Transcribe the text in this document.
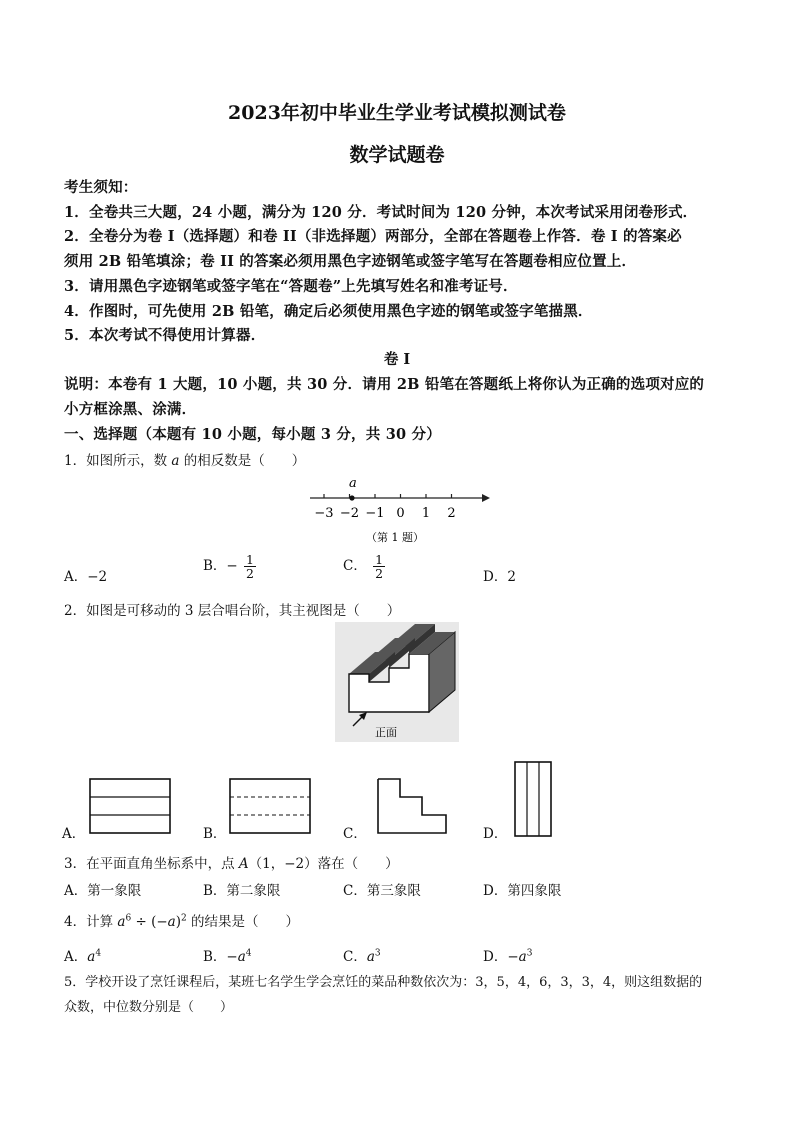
2023年初中毕业生学业考试模拟测试卷
数学试题卷
考生须知：
1．全卷共三大题，24 小题，满分为 120 分．考试时间为 120 分钟，本次考试采用闭卷形式．
2．全卷分为卷 I（选择题）和卷 II（非选择题）两部分，全部在答题卷上作答．卷 I 的答案必
须用 2B 铅笔填涂；卷 II 的答案必须用黑色字迹钢笔或签字笔写在答题卷相应位置上．
3．请用黑色字迹钢笔或签字笔在“答题卷”上先填写姓名和准考证号．
4．作图时，可先使用 2B 铅笔，确定后必须使用黑色字迹的钢笔或签字笔描黑．
5．本次考试不得使用计算器．
卷 I
说明：本卷有 1 大题，10 小题，共 30 分．请用 2B 铅笔在答题纸上将你认为正确的选项对应的
小方框涂黑、涂满．
一、选择题（本题有 10 小题，每小题 3 分，共 30 分）
1．如图所示，数 a 的相反数是（　　）
a
−3 −2 −1 0 1 2
（第 1 题）
A．−2
B．− $\frac{1}{2}$	C． $\frac{1}{2}$	D．2
2．如图是可移动的 3 层合唱台阶，其主视图是（　　）
正面
A．	B．	C．	D．
3．在平面直角坐标系中，点 A（1，−2）落在（　　）
A．第一象限	B．第二象限	C．第三象限	D．第四象限
4．计算 $a^6 \div (-a)^2$ 的结果是（　　）
A．$a^4$	B．$-a^4$	C．$a^3$	D．$-a^3$
5．学校开设了烹饪课程后，某班七名学生学会烹饪的菜品种数依次为：3，5，4，6，3，3，4，则这组数据的
众数，中位数分别是（　　）
